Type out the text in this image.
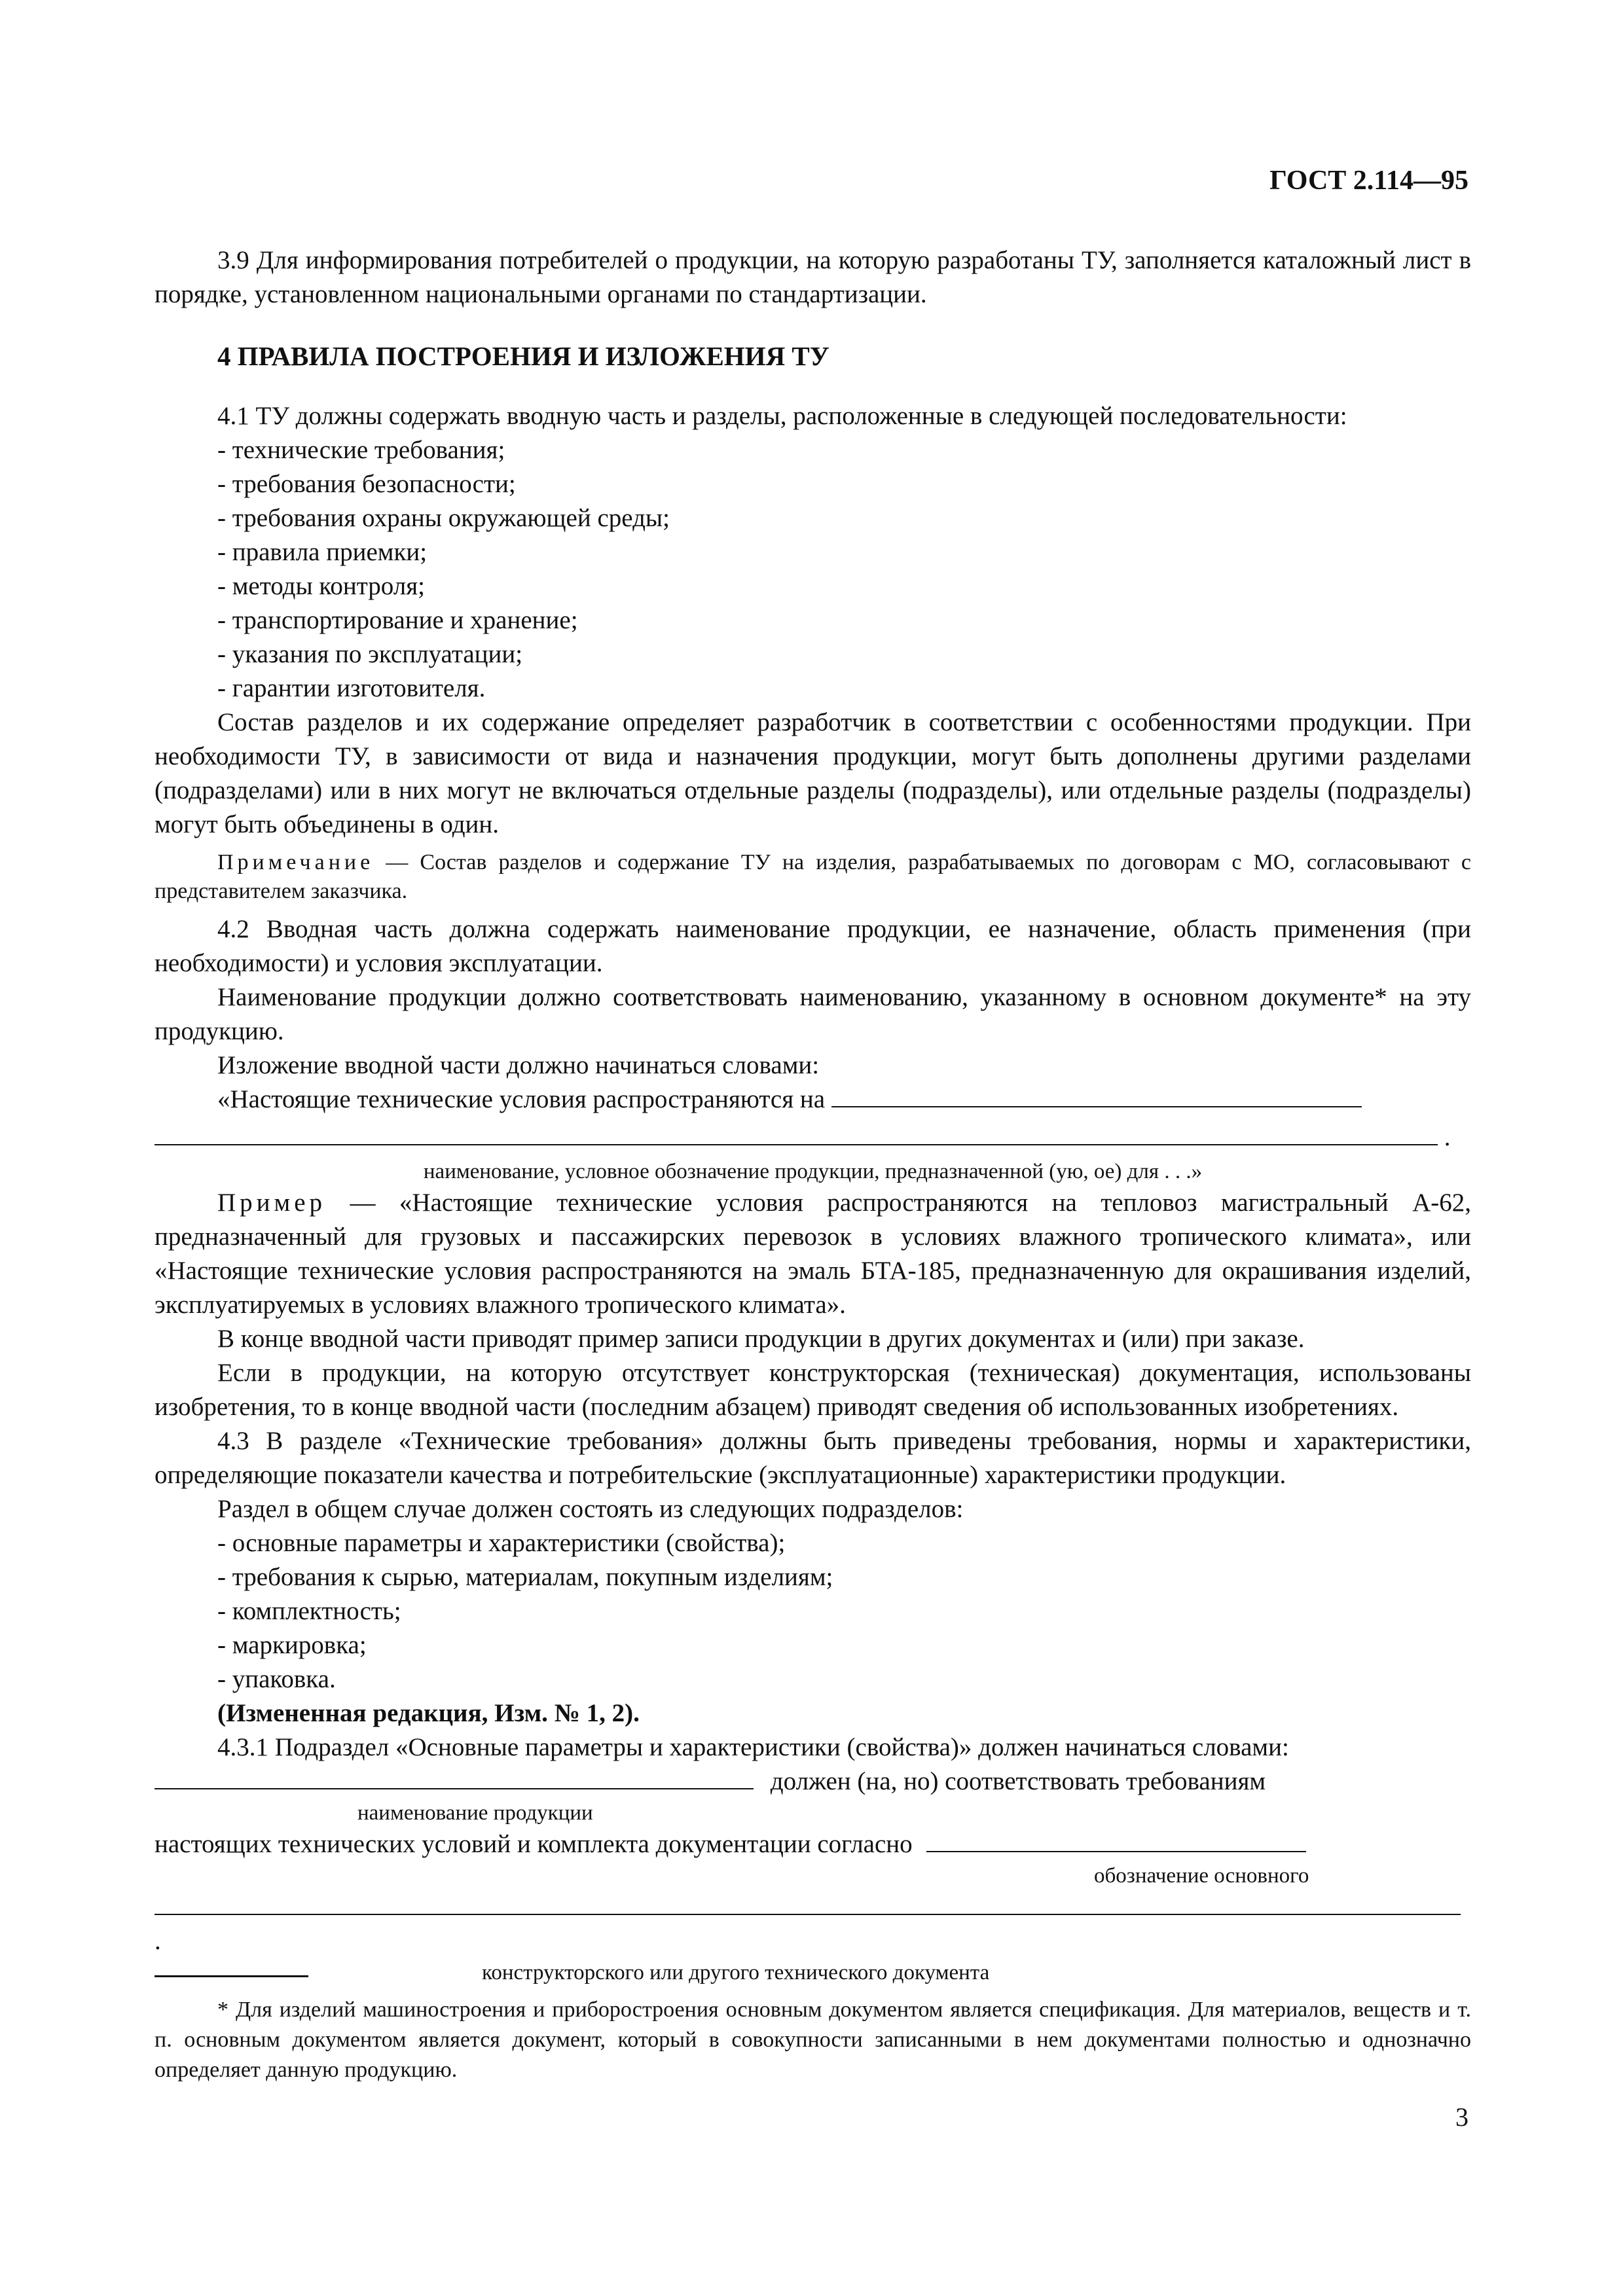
ГОСТ 2.114—95

3.9 Для информирования потребителей о продукции, на которую разработаны ТУ, заполняется каталожный лист в порядке, установленном национальными органами по стандартизации.

4 ПРАВИЛА ПОСТРОЕНИЯ И ИЗЛОЖЕНИЯ ТУ

4.1 ТУ должны содержать вводную часть и разделы, расположенные в следующей последовательности:

- технические требования;
- требования безопасности;
- требования охраны окружающей среды;
- правила приемки;
- методы контроля;
- транспортирование и хранение;
- указания по эксплуатации;
- гарантии изготовителя.

Состав разделов и их содержание определяет разработчик в соответствии с особенностями продукции. При необходимости ТУ, в зависимости от вида и назначения продукции, могут быть дополнены другими разделами (подразделами) или в них могут не включаться отдельные разделы (подразделы), или отдельные разделы (подразделы) могут быть объединены в один.

Примечание — Состав разделов и содержание ТУ на изделия, разрабатываемых по договорам с МО, согласовывают с представителем заказчика.

4.2 Вводная часть должна содержать наименование продукции, ее назначение, область применения (при необходимости) и условия эксплуатации.

Наименование продукции должно соответствовать наименованию, указанному в основном документе* на эту продукцию.

Изложение вводной части должно начинаться словами:

«Настоящие технические условия распространяются на

.
наименование, условное обозначение продукции, предназначенной (ую, ое) для . . .»

Пример — «Настоящие технические условия распространяются на тепловоз магистральный А-62, предназначенный для грузовых и пассажирских перевозок в условиях влажного тропического климата», или «Настоящие технические условия распространяются на эмаль БТА-185, предназначенную для окрашивания изделий, эксплуатируемых в условиях влажного тропического климата».

В конце вводной части приводят пример записи продукции в других документах и (или) при заказе.

Если в продукции, на которую отсутствует конструкторская (техническая) документация, использованы изобретения, то в конце вводной части (последним абзацем) приводят сведения об использованных изобретениях.

4.3 В разделе «Технические требования» должны быть приведены требования, нормы и характеристики, определяющие показатели качества и потребительские (эксплуатационные) характеристики продукции.

Раздел в общем случае должен состоять из следующих подразделов:

- основные параметры и характеристики (свойства);
- требования к сырью, материалам, покупным изделиям;
- комплектность;
- маркировка;
- упаковка.

(Измененная редакция, Изм. № 1, 2).

4.3.1 Подраздел «Основные параметры и характеристики (свойства)» должен начинаться словами:

должен (на, но) соответствовать требованиям
наименование продукции
настоящих технических условий и комплекта документации согласно
обозначение основного
.
конструкторского или другого технического документа

* Для изделий машиностроения и приборостроения основным документом является спецификация. Для материалов, веществ и т. п. основным документом является документ, который в совокупности записанными в нем документами полностью и однозначно определяет данную продукцию.

3
